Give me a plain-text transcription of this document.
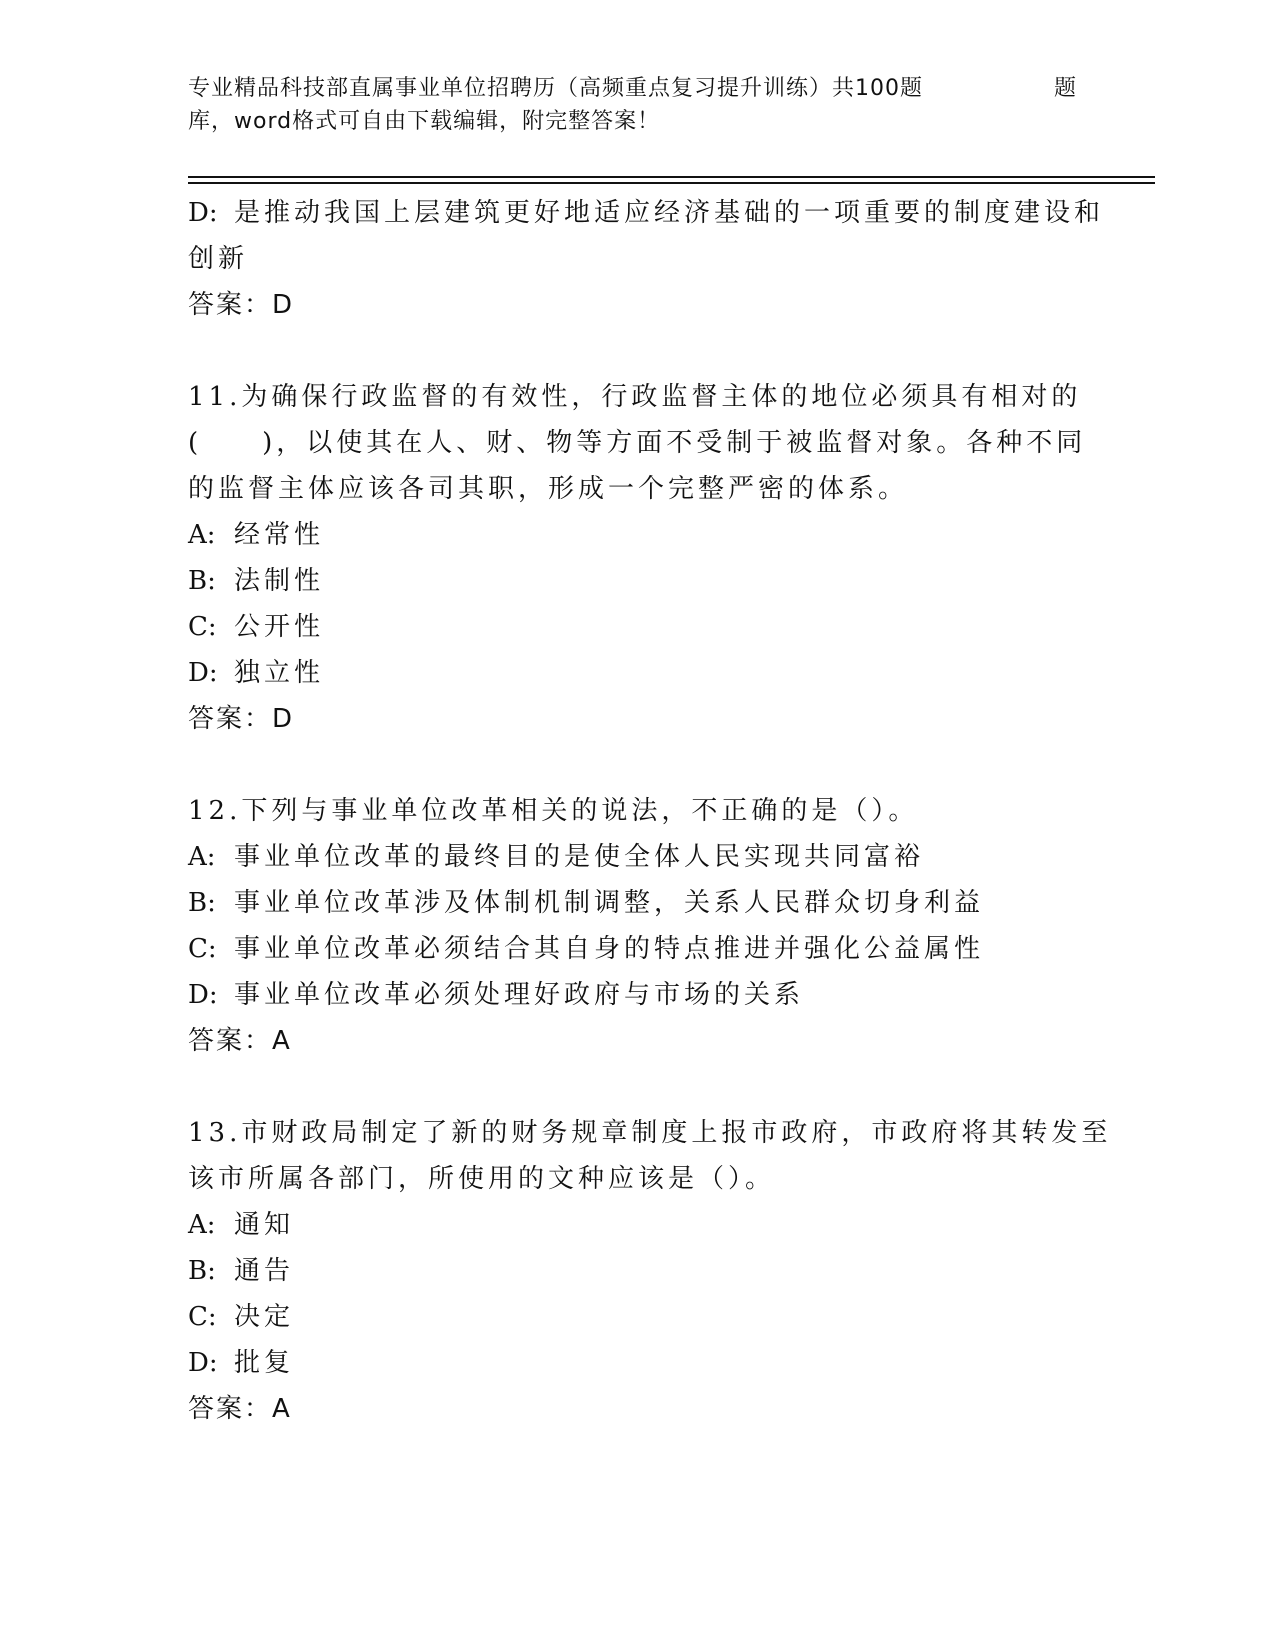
专业精品科技部直属事业单位招聘历（高频重点复习提升训练）共100题	题
库，word格式可自由下载编辑，附完整答案！
D: 是推动我国上层建筑更好地适应经济基础的一项重要的制度建设和
创新
答案：D
11.为确保行政监督的有效性，行政监督主体的地位必须具有相对的
(　　)，以使其在人、财、物等方面不受制于被监督对象。各种不同
的监督主体应该各司其职，形成一个完整严密的体系。
A: 经常性
B: 法制性
C: 公开性
D: 独立性
答案：D
12.下列与事业单位改革相关的说法，不正确的是（）。
A: 事业单位改革的最终目的是使全体人民实现共同富裕
B: 事业单位改革涉及体制机制调整，关系人民群众切身利益
C: 事业单位改革必须结合其自身的特点推进并强化公益属性
D: 事业单位改革必须处理好政府与市场的关系
答案：A
13.市财政局制定了新的财务规章制度上报市政府，市政府将其转发至
该市所属各部门，所使用的文种应该是（）。
A: 通知
B: 通告
C: 决定
D: 批复
答案：A
